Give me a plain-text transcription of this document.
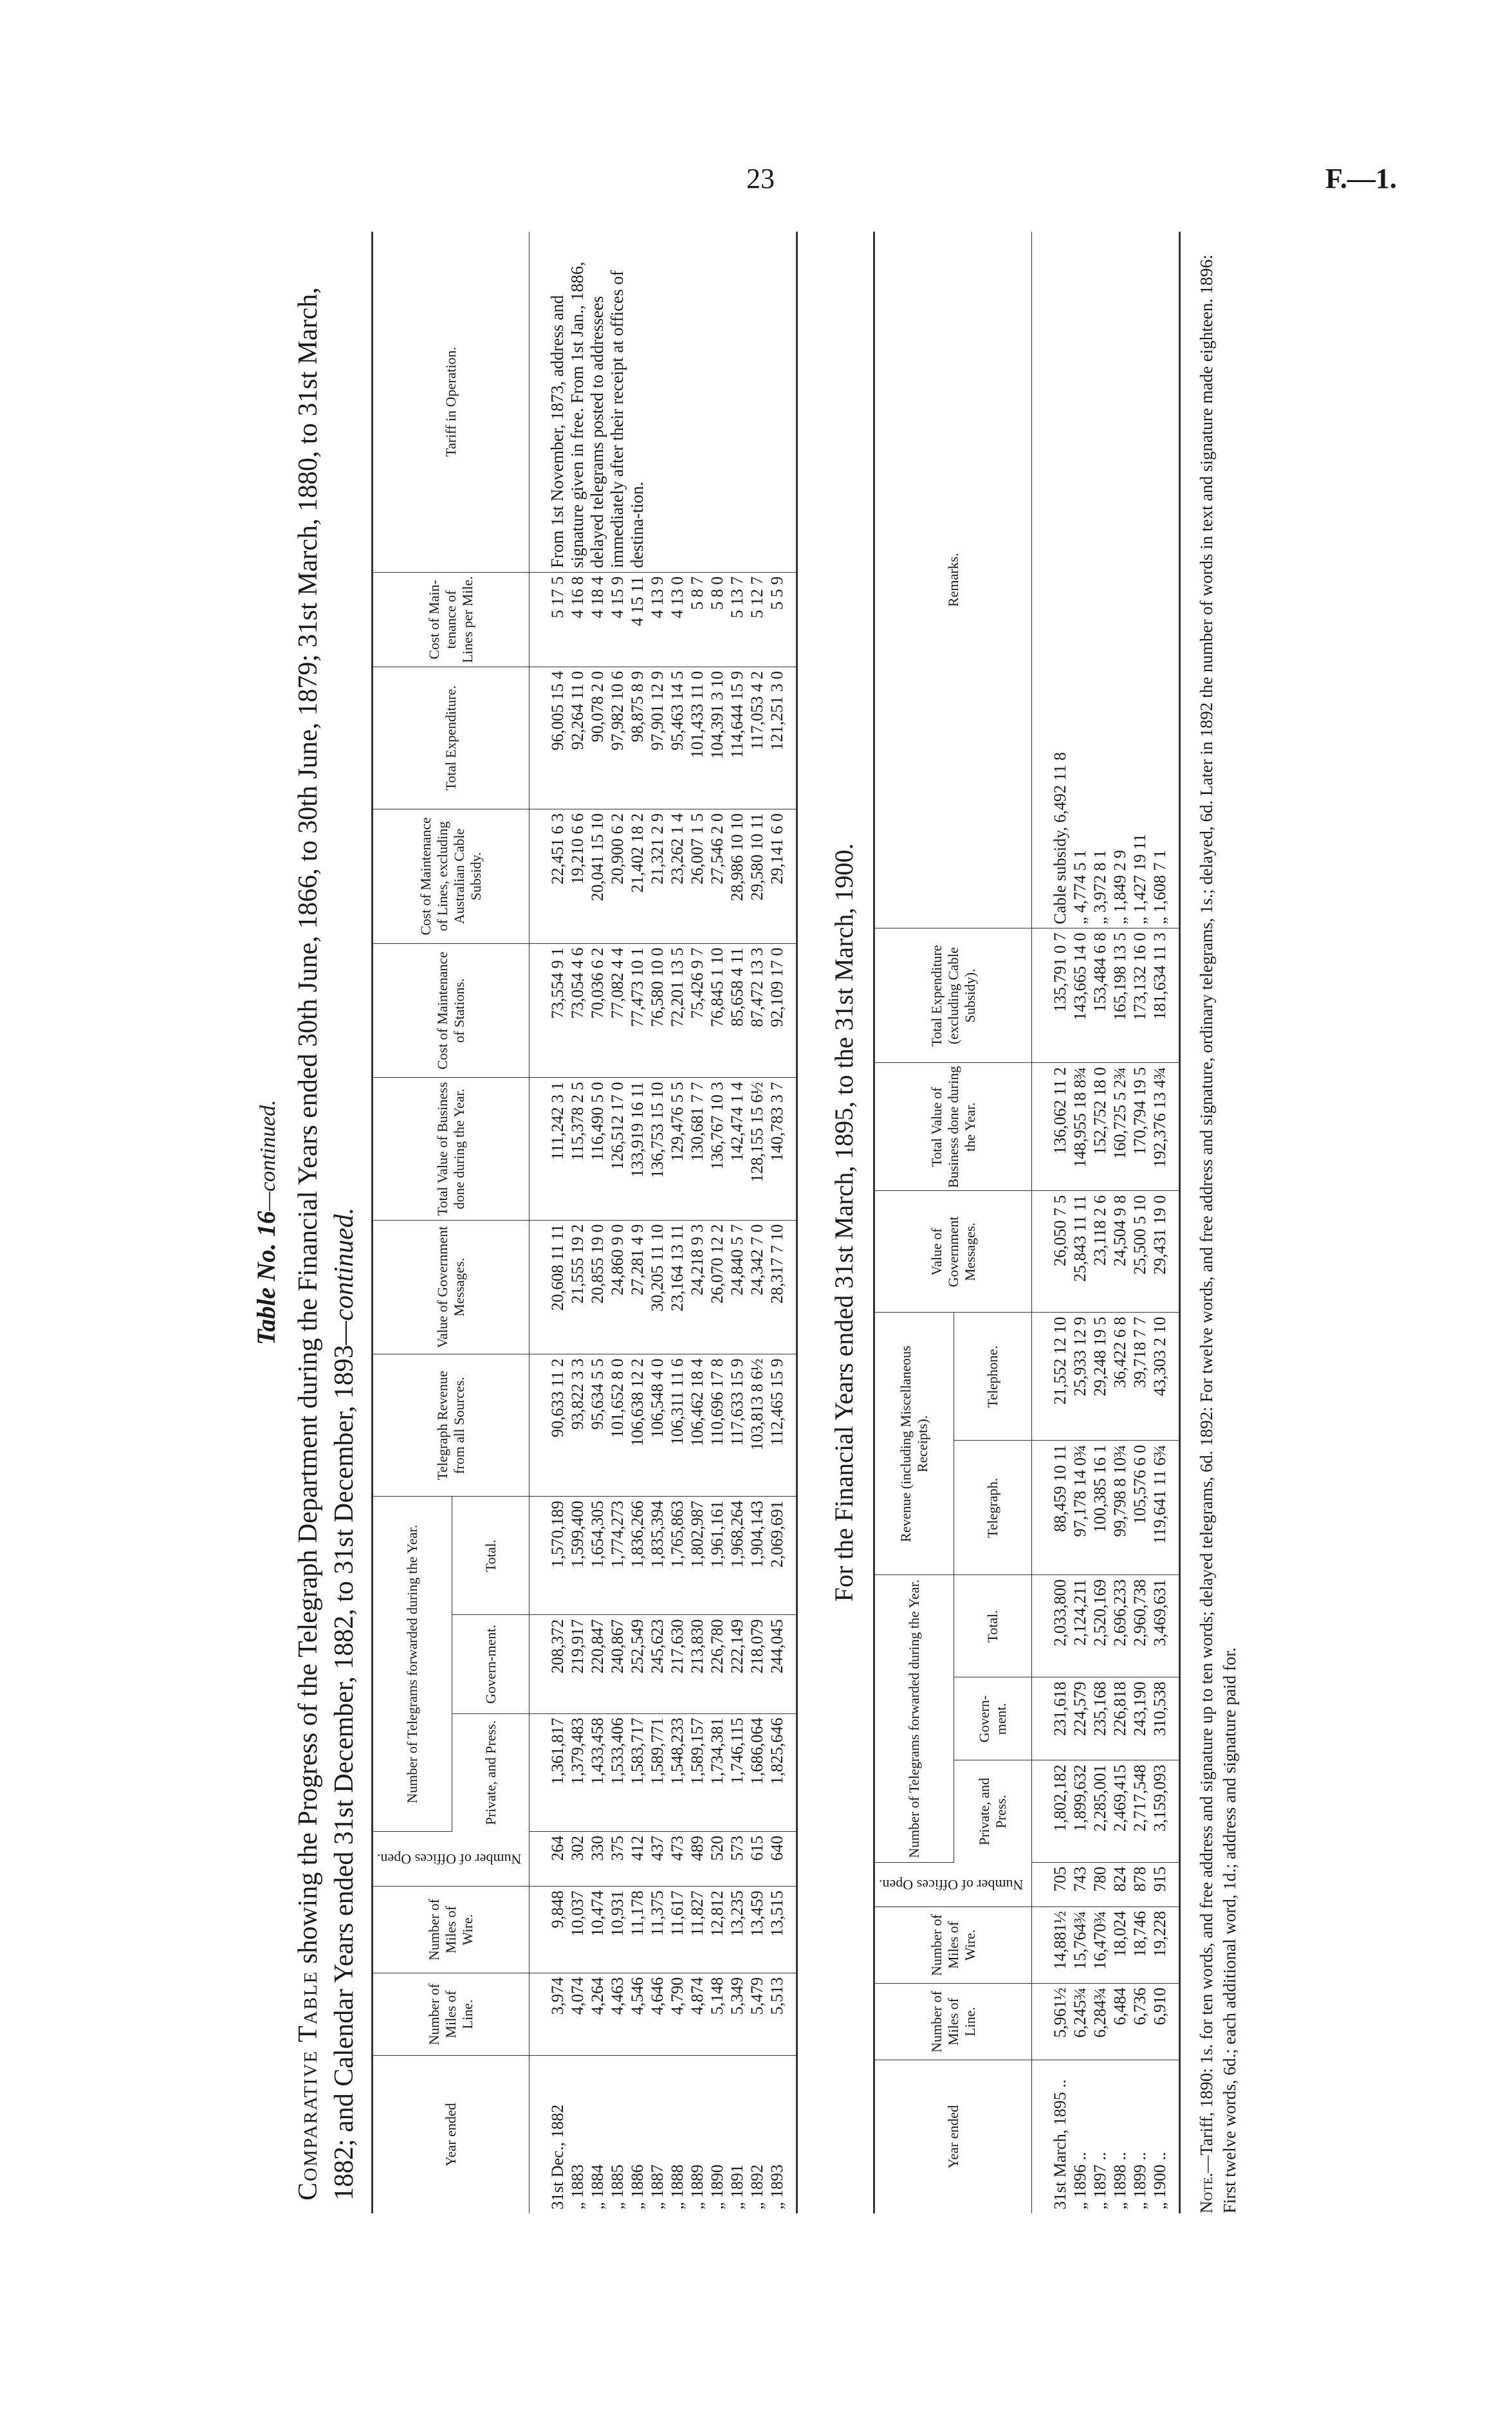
23	F.—1.
Table No. 16—continued.
Comparative Table showing the Progress of the Telegraph Department during the Financial Years ended 30th June, 1866, to 30th June, 1879; 31st March, 1880, to 31st March, 1882; and Calendar Years ended 31st December, 1882, to 31st December, 1893—continued.
Year ended	Number of Miles of Line.	Number of Miles of Wire.	Number of Offices Open.	Number of Telegrams forwarded during the Year.			Telegraph Revenue from all Sources.	Value of Government Messages.	Total Value of Business done during the Year.	Cost of Maintenance of Stations.	Cost of Maintenance of Lines, excluding Australian Cable Subsidy.	Total Expenditure.	Cost of Main-tenance of Lines per Mile.	Tariff in Operation.
				Private, and Press.	Govern-ment.	Total.								
31st Dec., 1882	3,974	9,848	264	1,361,817	208,372	1,570,189	90,633 11 2	20,608 11 11	111,242 3 1	73,554 9 1	22,451 6 3	96,005 15 4	5 17 5	From 1st November, 1873, address and signature given in free. From 1st Jan., 1886, delayed telegrams posted to addressees immediately after their receipt at offices of destina-tion.
„ 1883	4,074	10,037	302	1,379,483	219,917	1,599,400	93,822 3 3	21,555 19 2	115,378 2 5	73,054 4 6	19,210 6 6	92,264 11 0	4 16 8	
„ 1884	4,264	10,474	330	1,433,458	220,847	1,654,305	95,634 5 5	20,855 19 0	116,490 5 0	70,036 6 2	20,041 15 10	90,078 2 0	4 18 4	
„ 1885	4,463	10,931	375	1,533,406	240,867	1,774,273	101,652 8 0	24,860 9 0	126,512 17 0	77,082 4 4	20,900 6 2	97,982 10 6	4 15 9	
„ 1886	4,546	11,178	412	1,583,717	252,549	1,836,266	106,638 12 2	27,281 4 9	133,919 16 11	77,473 10 1	21,402 18 2	98,875 8 9	4 15 11	
„ 1887	4,646	11,375	437	1,589,771	245,623	1,835,394	106,548 4 0	30,205 11 10	136,753 15 10	76,580 10 0	21,321 2 9	97,901 12 9	4 13 9	
„ 1888	4,790	11,617	473	1,548,233	217,630	1,765,863	106,311 11 6	23,164 13 11	129,476 5 5	72,201 13 5	23,262 1 4	95,463 14 5	4 13 0	
„ 1889	4,874	11,827	489	1,589,157	213,830	1,802,987	106,462 18 4	24,218 9 3	130,681 7 7	75,426 9 7	26,007 1 5	101,433 11 0	5 8 7	
„ 1890	5,148	12,812	520	1,734,381	226,780	1,961,161	110,696 17 8	26,070 12 2	136,767 10 3	76,845 1 10	27,546 2 0	104,391 3 10	5 8 0	
„ 1891	5,349	13,235	573	1,746,115	222,149	1,968,264	117,633 15 9	24,840 5 7	142,474 1 4	85,658 4 11	28,986 10 10	114,644 15 9	5 13 7	
„ 1892	5,479	13,459	615	1,686,064	218,079	1,904,143	103,813 8 6½	24,342 7 0	128,155 15 6½	87,472 13 3	29,580 10 11	117,053 4 2	5 12 7	
„ 1893	5,513	13,515	640	1,825,646	244,045	2,069,691	112,465 15 9	28,317 7 10	140,783 3 7	92,109 17 0	29,141 6 0	121,251 3 0	5 5 9	
For the Financial Years ended 31st March, 1895, to the 31st March, 1900.
Year ended	Number of Miles of Line.	Number of Miles of Wire.	Number of Offices Open.	Number of Telegrams forwarded during the Year.			Revenue (including Miscellaneous Receipts).		Value of Government Messages.	Total Value of Business done during the Year.	Total Expenditure (excluding Cable Subsidy).	Remarks.
				Private, and Press.	Govern-ment.	Total.	Telegraph.	Telephone.				
31st March, 1895 ..	5,961½	14,881½	705	1,802,182	231,618	2,033,800	88,459 10 11	21,552 12 10	26,050 7 5	136,062 11 2	135,791 0 7	Cable subsidy, 6,492 11 8
„ 1896 ..	6,245¾	15,764¾	743	1,899,632	224,579	2,124,211	97,178 14 0¾	25,933 12 9	25,843 11 11	148,955 18 8¾	143,665 14 0	„ 4,774 5 1
„ 1897 ..	6,284¾	16,470¾	780	2,285,001	235,168	2,520,169	100,385 16 1	29,248 19 5	23,118 2 6	152,752 18 0	153,484 6 8	„ 3,972 8 1
„ 1898 ..	6,484	18,024	824	2,469,415	226,818	2,696,233	99,798 8 10¾	36,422 6 8	24,504 9 8	160,725 5 2¾	165,198 13 5	„ 1,849 2 9
„ 1899 ..	6,736	18,746	878	2,717,548	243,190	2,960,738	105,576 6 0	39,718 7 7	25,500 5 10	170,794 19 5	173,132 16 0	„ 1,427 19 11
„ 1900 ..	6,910	19,228	915	3,159,093	310,538	3,469,631	119,641 11 6¾	43,303 2 10	29,431 19 0	192,376 13 4¾	181,634 11 3	„ 1,608 7 1
Note.—Tariff, 1890: 1s. for ten words, and free address and signature up to ten words; delayed telegrams, 6d. 1892: For twelve words, and free address and signature, ordinary telegrams, 1s.; delayed, 6d. Later in 1892 the number of words in text and signature made eighteen. 1896: First twelve words, 6d.; each additional word, 1d.; address and signature paid for.
